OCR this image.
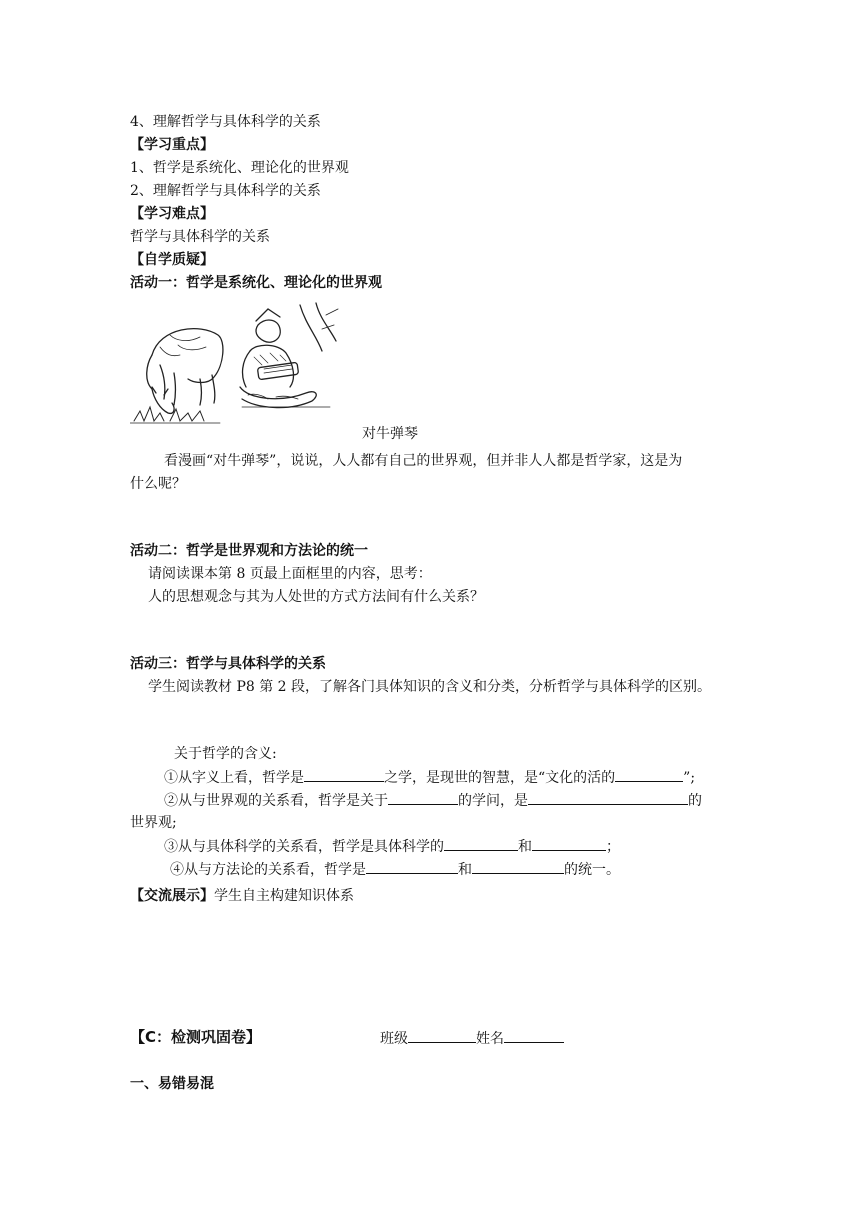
4、理解哲学与具体科学的关系
【学习重点】
1、哲学是系统化、理论化的世界观
2、理解哲学与具体科学的关系
【学习难点】
哲学与具体科学的关系
【自学质疑】
活动一：哲学是系统化、理论化的世界观
对牛弹琴
看漫画“对牛弹琴”，说说，人人都有自己的世界观，但并非人人都是哲学家，这是为
什么呢？
活动二：哲学是世界观和方法论的统一
请阅读课本第 8 页最上面框里的内容，思考：
人的思想观念与其为人处世的方式方法间有什么关系？
活动三：哲学与具体科学的关系
学生阅读教材 P8 第 2 段，了解各门具体知识的含义和分类，分析哲学与具体科学的区别。
关于哲学的含义:
①从字义上看，哲学是	之学，是现世的智慧，是“文化的活的	”;
②从与世界观的关系看，哲学是关于	的学问，是	的
世界观;
③从与具体科学的关系看，哲学是具体科学的	和	；
④从与方法论的关系看，哲学是	和	的统一。
【交流展示】学生自主构建知识体系
【C：检测巩固卷】	班级	姓名
一、易错易混
